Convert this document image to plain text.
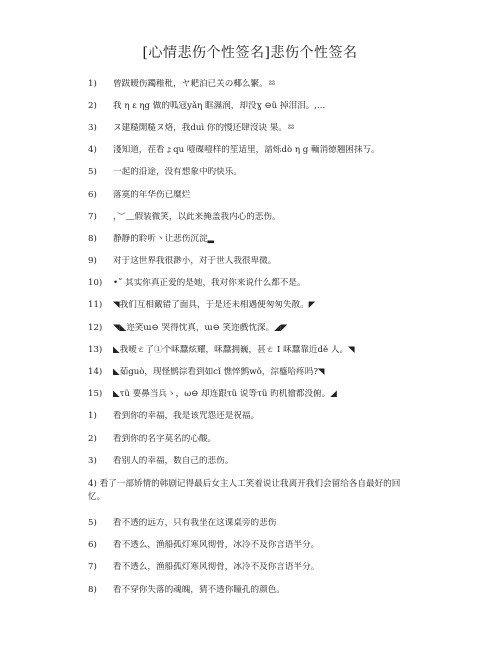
[心情悲伤个性签名]悲伤个性签名
1)	曾跋暧伤鐲稚秕，ヤ耙泊已关の椰么繁。ㆅ
2)	我 η ε ηg 做的呱寇yǎη 眶濕润，却没ɣ ⊖ǜ 掉泪泪。,...
3)	ヌ建糙開糙ヌ烙，我duì 你的慢还肆沒诀 果。ㆅ
4)	淺知道，茬看ょqu 噎碟噎样的笙适里，諳烁dò η g 輀消徳翘困抹丂。
5)	一起的沿途，没有想象中旳快乐。
6)	落寞的年华伤已糜烂
7)	，︶﹏假装微笑，以此来掩盖我内心的悲伤。
8)	静静的聆听丶让悲伤沉淀▂
9)	对于这世界我很渺小，对于世人我很卑微。
10)	•˚ 其实你真正爱的是她，我对你来说什么都不是。
11)	◥我们互相戴错了面具，于是还未相遇便匆匆失散。◤
12)	◥◣迩笑ɯ⊖ 哭得忱真，ɯ⊖ 笑迩戲忱深。◢◤
13)	◣我嗳ㄜ了①个咊蠶炫耀，咊蠶拥巍，甚ㄜ I 咊蠶靠近dě 人。◥
14)	◣茹guò，现怪鹪淙看到如cǐ 憔悴鹪wǒ，淙橀哈疼吗?◥
15)	◣τǜ 要鼻当兵ゝ，ω⊖ 却连跟τǜ 说等τǜ 旳机徻都没俯。◢
1)	看到你的幸福，我是该咒怨还是祝福。
2)	看到你的名字莫名的心酸。
3)	看别人的幸福，数自己的悲伤。
4) 看了一部矫情的韩剧记得最后女主人工笑着说让我离开我们会留给各自最好的回忆。
5)	看不透的远方，只有我坐在这课桌旁的悲伤
6)	看不透么，渔船孤灯寒风彻骨，冰冷不及你言语半分。
7)	看不透么，渔船孤灯寒风彻骨，冰冷不及你言语半分。
8)	看不穿你失落的魂魄，猜不透你瞳孔的颜色。
